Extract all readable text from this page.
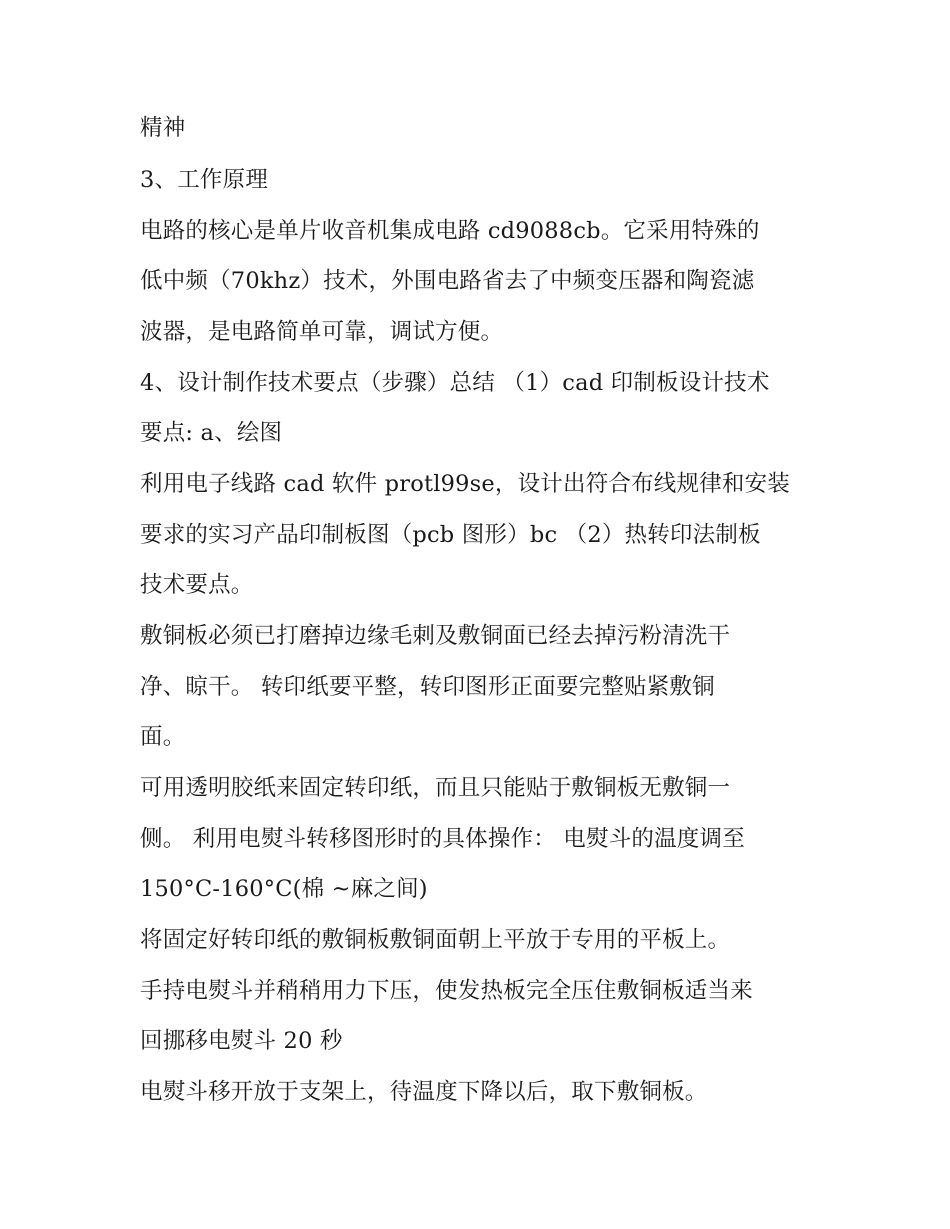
精神

3、工作原理

电路的核心是单片收音机集成电路 cd9088cb。它采用特殊的

低中频（70khz）技术，外围电路省去了中频变压器和陶瓷滤

波器，是电路简单可靠，调试方便。

4、设计制作技术要点（步骤）总结 （1）cad 印制板设计技术

要点: a、绘图

利用电子线路 cad 软件 protl99se，设计出符合布线规律和安装

要求的实习产品印制板图（pcb 图形）bc （2）热转印法制板

技术要点。

敷铜板必须已打磨掉边缘毛刺及敷铜面已经去掉污粉清洗干

净、晾干。 转印纸要平整，转印图形正面要完整贴紧敷铜

面。

可用透明胶纸来固定转印纸，而且只能贴于敷铜板无敷铜一

侧。 利用电熨斗转移图形时的具体操作： 电熨斗的温度调至

150°C-160°C(棉 ~麻之间)

将固定好转印纸的敷铜板敷铜面朝上平放于专用的平板上。

手持电熨斗并稍稍用力下压，使发热板完全压住敷铜板适当来

回挪移电熨斗 20 秒

电熨斗移开放于支架上，待温度下降以后，取下敷铜板。
